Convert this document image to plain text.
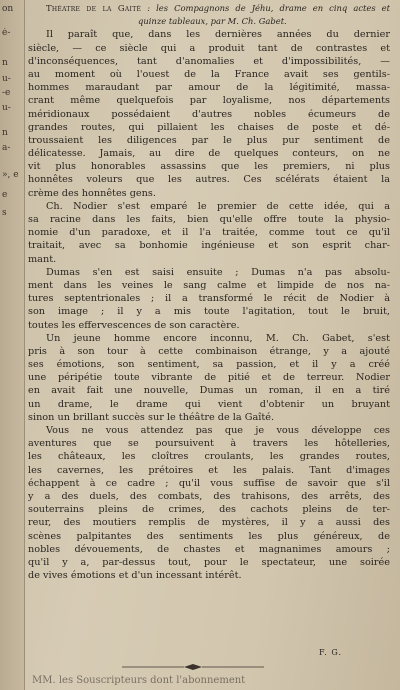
on
é-
n
u-
-e
u-
n
a-
», e
e
s
Théatre de la Gaité : les Compagnons de Jéhu, drame en cinq actes et
quinze tableaux, par M. Ch. Gabet.
Il paraît que, dans les dernières années du dernier
siècle, — ce siècle qui a produit tant de contrastes et
d'inconséquences, tant d'anomalies et d'impossibilités, —
au moment où l'ouest de la France avait ses gentils-
hommes maraudant par amour de la légitimité, massa-
crant même quelquefois par loyalisme, nos départements
méridionaux possédaient d'autres nobles écumeurs de
grandes routes, qui pillaient les chaises de poste et dé-
troussaient les diligences par le plus pur sentiment de
délicatesse. Jamais, au dire de quelques conteurs, on ne
vit plus honorables assassins que les premiers, ni plus
honnêtes voleurs que les autres. Ces scélérats étaient la
crème des honnêtes gens.
Ch. Nodier s'est emparé le premier de cette idée, qui a
sa racine dans les faits, bien qu'elle offre toute la physio-
nomie d'un paradoxe, et il l'a traitée, comme tout ce qu'il
traitait, avec sa bonhomie ingénieuse et son esprit char-
mant.
Dumas s'en est saisi ensuite ; Dumas n'a pas absolu-
ment dans les veines le sang calme et limpide de nos na-
tures septentrionales ; il a transformé le récit de Nodier à
son image ; il y a mis toute l'agitation, tout le bruit,
toutes les effervescences de son caractère.
Un jeune homme encore inconnu, M. Ch. Gabet, s'est
pris à son tour à cette combinaison étrange, y a ajouté
ses émotions, son sentiment, sa passion, et il y a créé
une péripétie toute vibrante de pitié et de terreur. Nodier
en avait fait une nouvelle, Dumas un roman, il en a tiré
un drame, le drame qui vient d'obtenir un bruyant
sinon un brillant succès sur le théâtre de la Gaîté.
Vous ne vous attendez pas que je vous développe ces
aventures que se poursuivent à travers les hôtelleries,
les châteaux, les cloîtres croulants, les grandes routes,
les cavernes, les prétoires et les palais. Tant d'images
échappent à ce cadre ; qu'il vous suffise de savoir que s'il
y a des duels, des combats, des trahisons, des arrêts, des
souterrains pleins de crimes, des cachots pleins de ter-
reur, des moutiers remplis de mystères, il y a aussi des
scènes palpitantes des sentiments les plus généreux, de
nobles dévouements, de chastes et magnanimes amours ;
qu'il y a, par-dessus tout, pour le spectateur, une soirée
de vives émotions et d'un incessant intérêt.
F. G.
MM. les Souscripteurs dont l'abonnement
